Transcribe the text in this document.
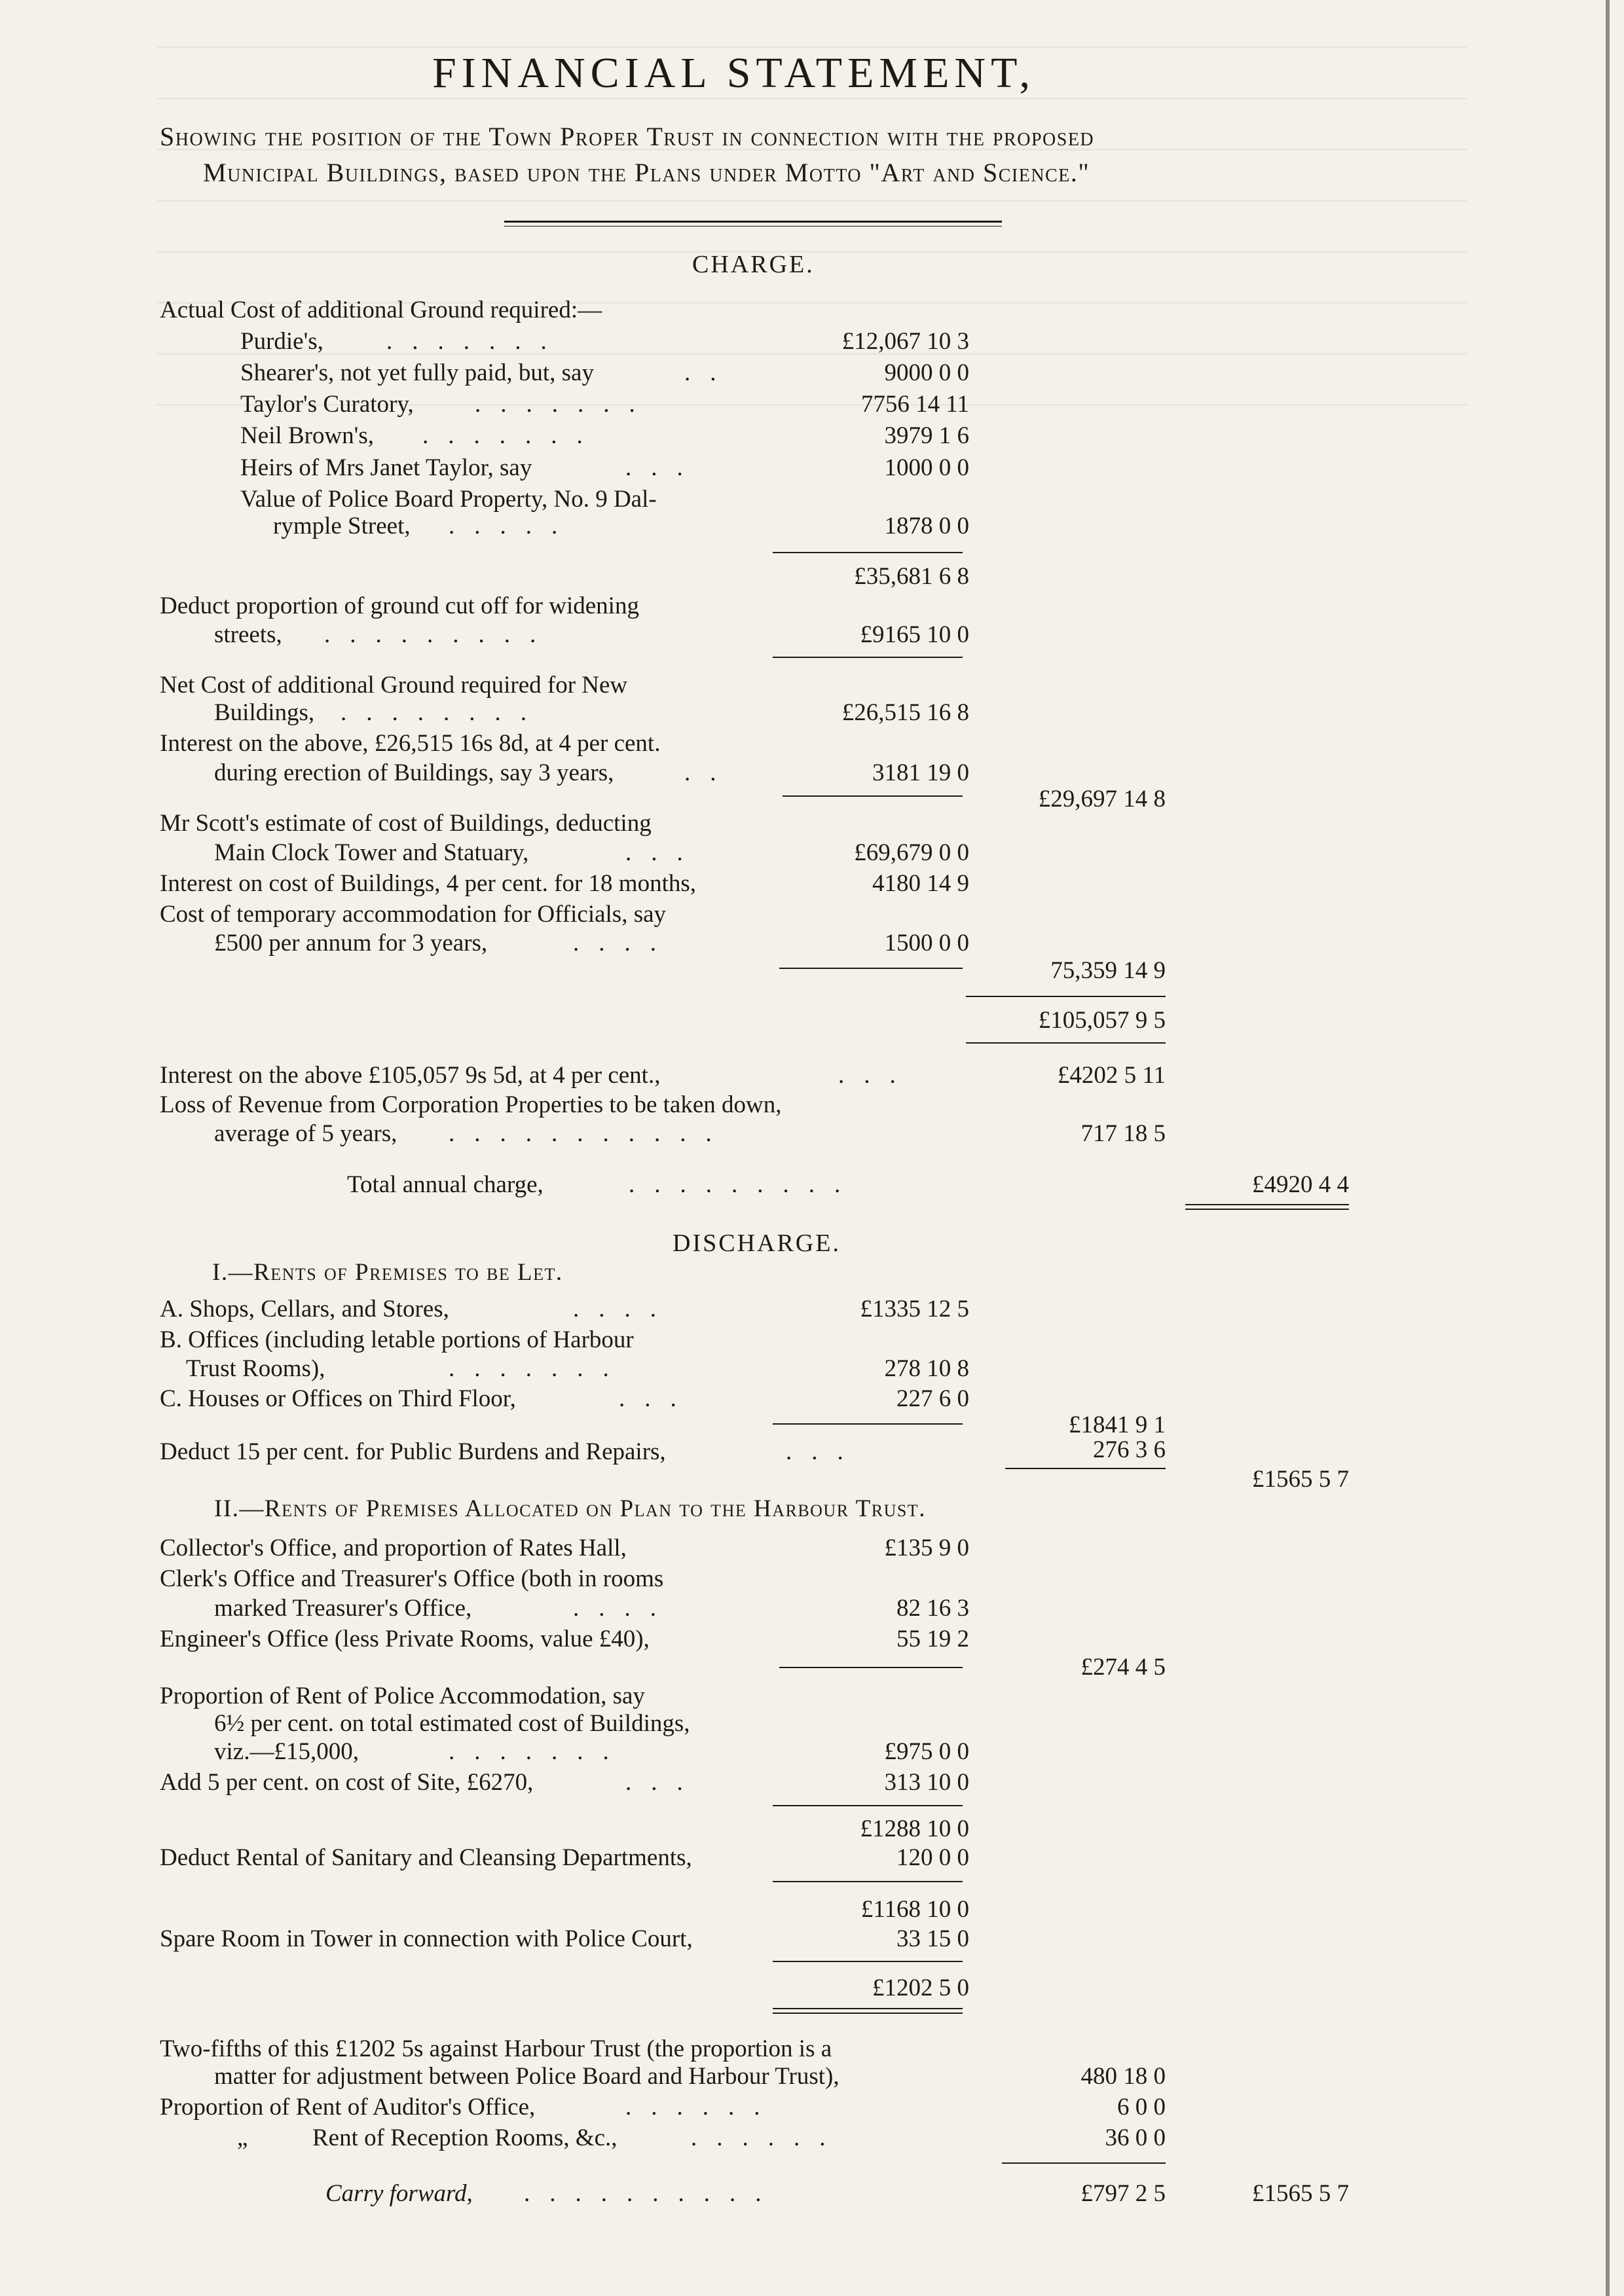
FINANCIAL STATEMENT,
Showing the position of the Town Proper Trust in connection with the proposed
Municipal Buildings, based upon the Plans under Motto "Art and Science."
CHARGE.
Actual Cost of additional Ground required:—
Purdie's,	.......	£12,067 10 3
Shearer's, not yet fully paid, but, say	..	9000 0 0
Taylor's Curatory,	.......	7756 14 11
Neil Brown's, .......	3979 1 6
Heirs of Mrs Janet Taylor, say	...	1000 0 0
Value of Police Board Property, No. 9 Dal-
rymple Street, .....	1878 0 0
£35,681 6 8
Deduct proportion of ground cut off for widening
streets, .........	£9165 10 0
Net Cost of additional Ground required for New
Buildings, ........	£26,515 16 8
Interest on the above, £26,515 16s 8d, at 4 per cent.
during erection of Buildings, say 3 years,	..	3181 19 0
£29,697 14 8
Mr Scott's estimate of cost of Buildings, deducting
Main Clock Tower and Statuary,	...	£69,679 0 0
Interest on cost of Buildings, 4 per cent. for 18 months,	4180 14 9
Cost of temporary accommodation for Officials, say
£500 per annum for 3 years,	....	1500 0 0
75,359 14 9
£105,057 9 5
Interest on the above £105,057 9s 5d, at 4 per cent.,	...	£4202 5 11
Loss of Revenue from Corporation Properties to be taken down,
average of 5 years, ...........	717 18 5
Total annual charge,	.........	£4920 4 4
DISCHARGE.
I.—Rents of Premises to be Let.
A. Shops, Cellars, and Stores,	....	£1335 12 5
B. Offices (including letable portions of Harbour
Trust Rooms),	.......	278 10 8
C. Houses or Offices on Third Floor,	...	227 6 0
£1841 9 1
Deduct 15 per cent. for Public Burdens and Repairs,	...	276 3 6
£1565 5 7
II.—Rents of Premises Allocated on Plan to the Harbour Trust.
Collector's Office, and proportion of Rates Hall,	£135 9 0
Clerk's Office and Treasurer's Office (both in rooms
marked Treasurer's Office,	....	82 16 3
Engineer's Office (less Private Rooms, value £40),	55 19 2
£274 4 5
Proportion of Rent of Police Accommodation, say
6½ per cent. on total estimated cost of Buildings,
viz.—£15,000,	.......	£975 0 0
Add 5 per cent. on cost of Site, £6270,	...	313 10 0
£1288 10 0
Deduct Rental of Sanitary and Cleansing Departments,	120 0 0
£1168 10 0
Spare Room in Tower in connection with Police Court,	33 15 0
£1202 5 0
Two-fifths of this £1202 5s against Harbour Trust (the proportion is a
matter for adjustment between Police Board and Harbour Trust),	480 18 0
Proportion of Rent of Auditor's Office,	......	6 0 0
„	Rent of Reception Rooms, &c.,	......	36 0 0
Carry forward, ..........	£797 2 5	£1565 5 7
